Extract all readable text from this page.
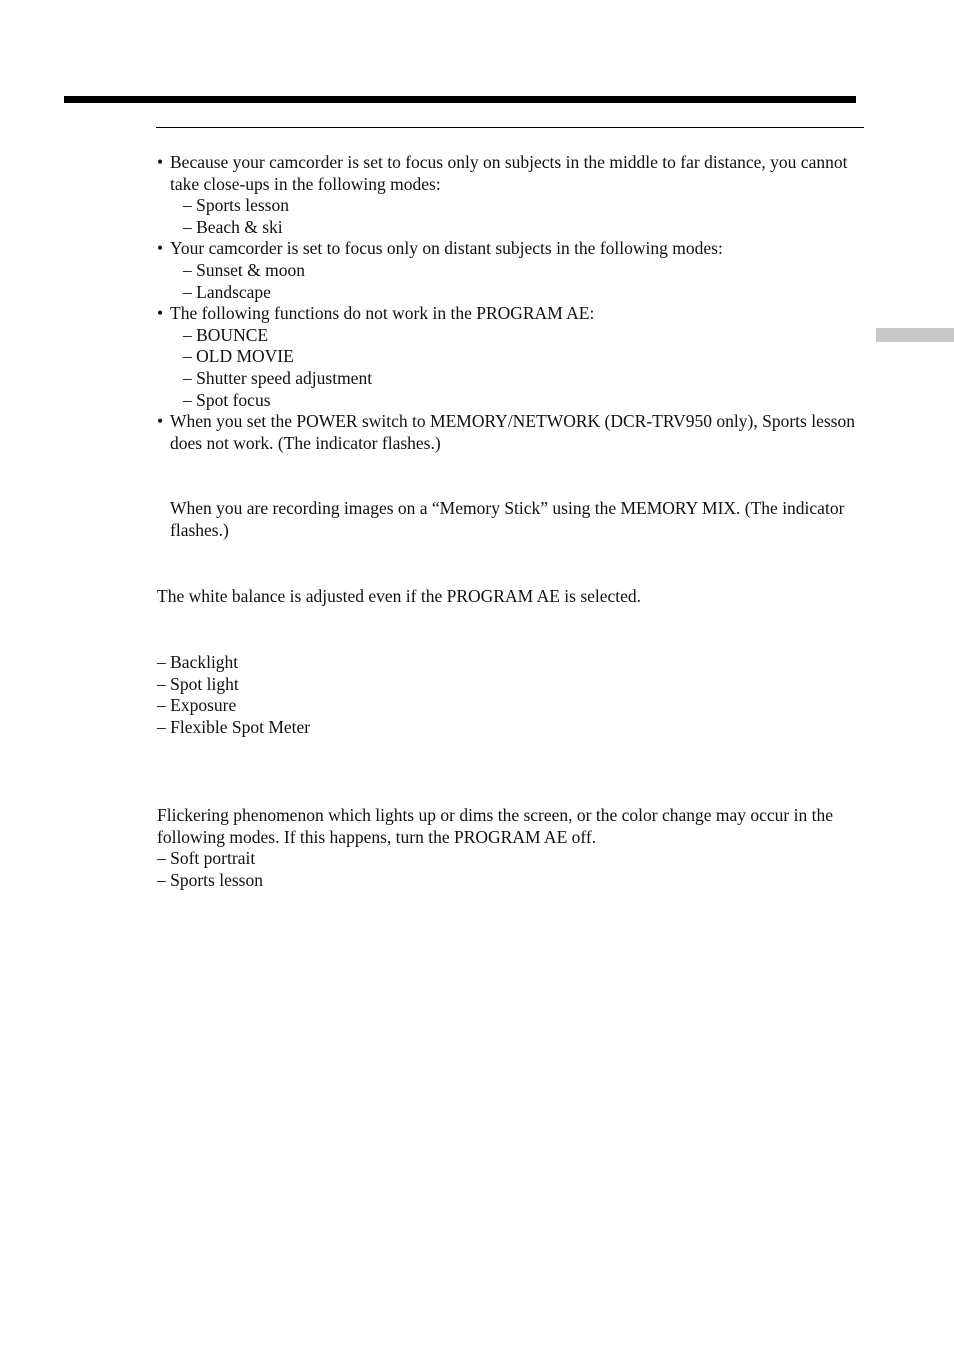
• Because your camcorder is set to focus only on subjects in the middle to far distance, you cannot take close-ups in the following modes:

– Sports lesson
– Beach & ski

• Your camcorder is set to focus only on distant subjects in the following modes:

– Sunset & moon
– Landscape

• The following functions do not work in the PROGRAM AE:

– BOUNCE
– OLD MOVIE
– Shutter speed adjustment
– Spot focus

• When you set the POWER switch to MEMORY/NETWORK (DCR-TRV950 only), Sports lesson does not work. (The indicator flashes.)

When you are recording images on a “Memory Stick” using the MEMORY MIX. (The indicator flashes.)

The white balance is adjusted even if the PROGRAM AE is selected.

– Backlight
– Spot light
– Exposure
– Flexible Spot Meter

Flickering phenomenon which lights up or dims the screen, or the color change may occur in the following modes. If this happens, turn the PROGRAM AE off.

– Soft portrait
– Sports lesson
